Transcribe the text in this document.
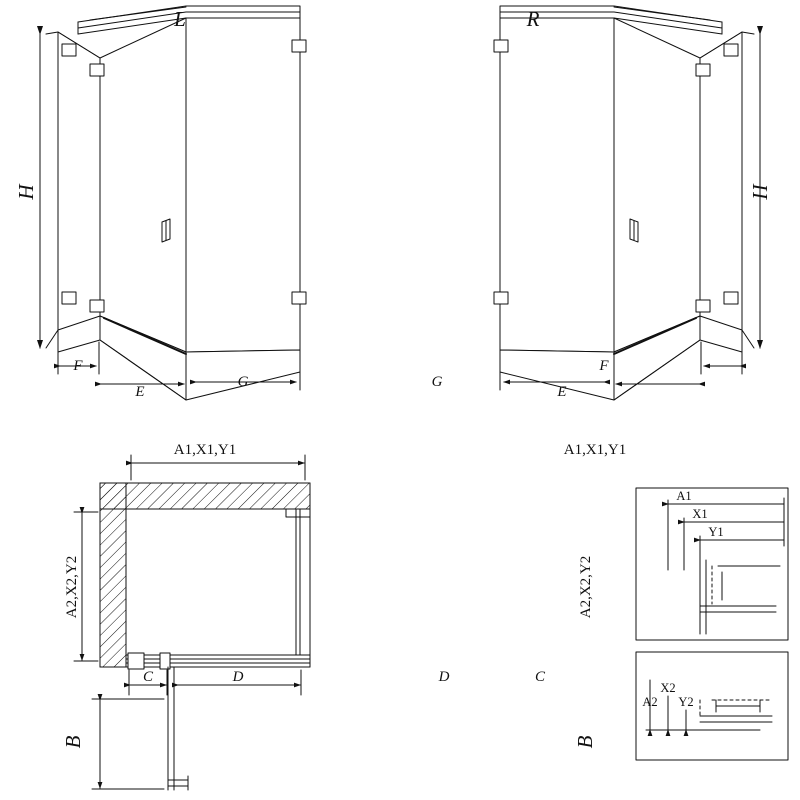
L	R
H	H
F
E
G	G
E
F
A1,X1,Y1	A1,X1,Y1
A2,X2,Y2	A2,X2,Y2
C	D	D	C
B	B
A1
X1
Y1
A2
X2
Y2
